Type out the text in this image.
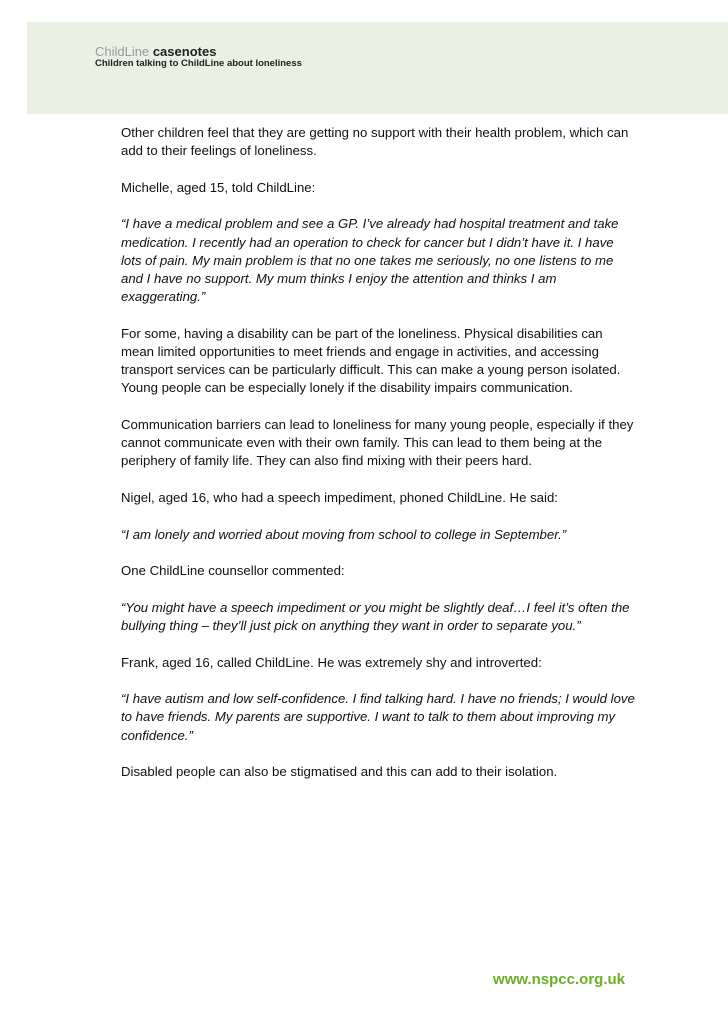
ChildLine casenotes
Children talking to ChildLine about loneliness

Other children feel that they are getting no support with their health problem, which can add to their feelings of loneliness.

Michelle, aged 15, told ChildLine:

“I have a medical problem and see a GP. I’ve already had hospital treatment and take medication. I recently had an operation to check for cancer but I didn’t have it. I have lots of pain. My main problem is that no one takes me seriously, no one listens to me and I have no support. My mum thinks I enjoy the attention and thinks I am exaggerating.”

For some, having a disability can be part of the loneliness. Physical disabilities can mean limited opportunities to meet friends and engage in activities, and accessing transport services can be particularly difficult. This can make a young person isolated. Young people can be especially lonely if the disability impairs communication.

Communication barriers can lead to loneliness for many young people, especially if they cannot communicate even with their own family. This can lead to them being at the periphery of family life. They can also find mixing with their peers hard.

Nigel, aged 16, who had a speech impediment, phoned ChildLine. He said:

“I am lonely and worried about moving from school to college in September.”

One ChildLine counsellor commented:

“You might have a speech impediment or you might be slightly deaf…I feel it’s often the bullying thing – they’ll just pick on anything they want in order to separate you.”

Frank, aged 16, called ChildLine. He was extremely shy and introverted:

“I have autism and low self-confidence. I find talking hard. I have no friends; I would love to have friends. My parents are supportive. I want to talk to them about improving my confidence.”

Disabled people can also be stigmatised and this can add to their isolation.

www.nspcc.org.uk
